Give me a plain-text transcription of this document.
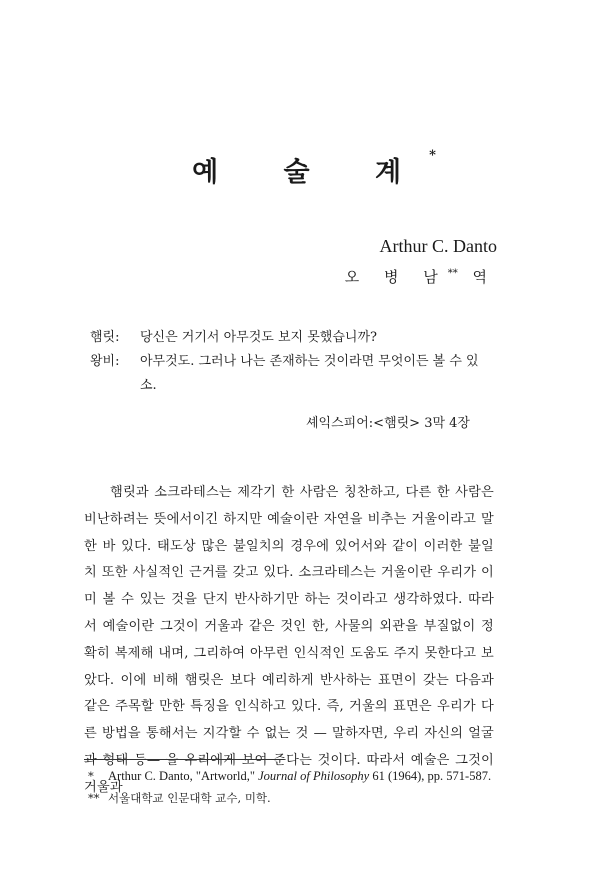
예 술 계*
Arthur C. Danto
오 병 남** 역
햄릿:	당신은 거기서 아무것도 보지 못했습니까?
왕비:	아무것도. 그러나 나는 존재하는 것이라면 무엇이든 볼 수 있소.
셰익스피어:<햄릿> 3막 4장

햄릿과 소크라테스는 제각기 한 사람은 칭찬하고, 다른 한 사람은 비난하려는 뜻에서이긴 하지만 예술이란 자연을 비추는 거울이라고 말한 바 있다. 태도상 많은 불일치의 경우에 있어서와 같이 이러한 불일치 또한 사실적인 근거를 갖고 있다. 소크라테스는 거울이란 우리가 이미 볼 수 있는 것을 단지 반사하기만 하는 것이라고 생각하였다. 따라서 예술이란 그것이 거울과 같은 것인 한, 사물의 외관을 부질없이 정확히 복제해 내며, 그리하여 아무런 인식적인 도움도 주지 못한다고 보았다. 이에 비해 햄릿은 보다 예리하게 반사하는 표면이 갖는 다음과 같은 주목할 만한 특징을 인식하고 있다. 즉, 거울의 표면은 우리가 다른 방법을 통해서는 지각할 수 없는 것 — 말하자면, 우리 자신의 얼굴과 형태 등— 을 우리에게 보여 준다는 것이다. 따라서 예술은 그것이 거울과

*	Arthur C. Danto, "Artworld," Journal of Philosophy 61 (1964), pp. 571-587.
** 서울대학교 인문대학 교수, 미학.
